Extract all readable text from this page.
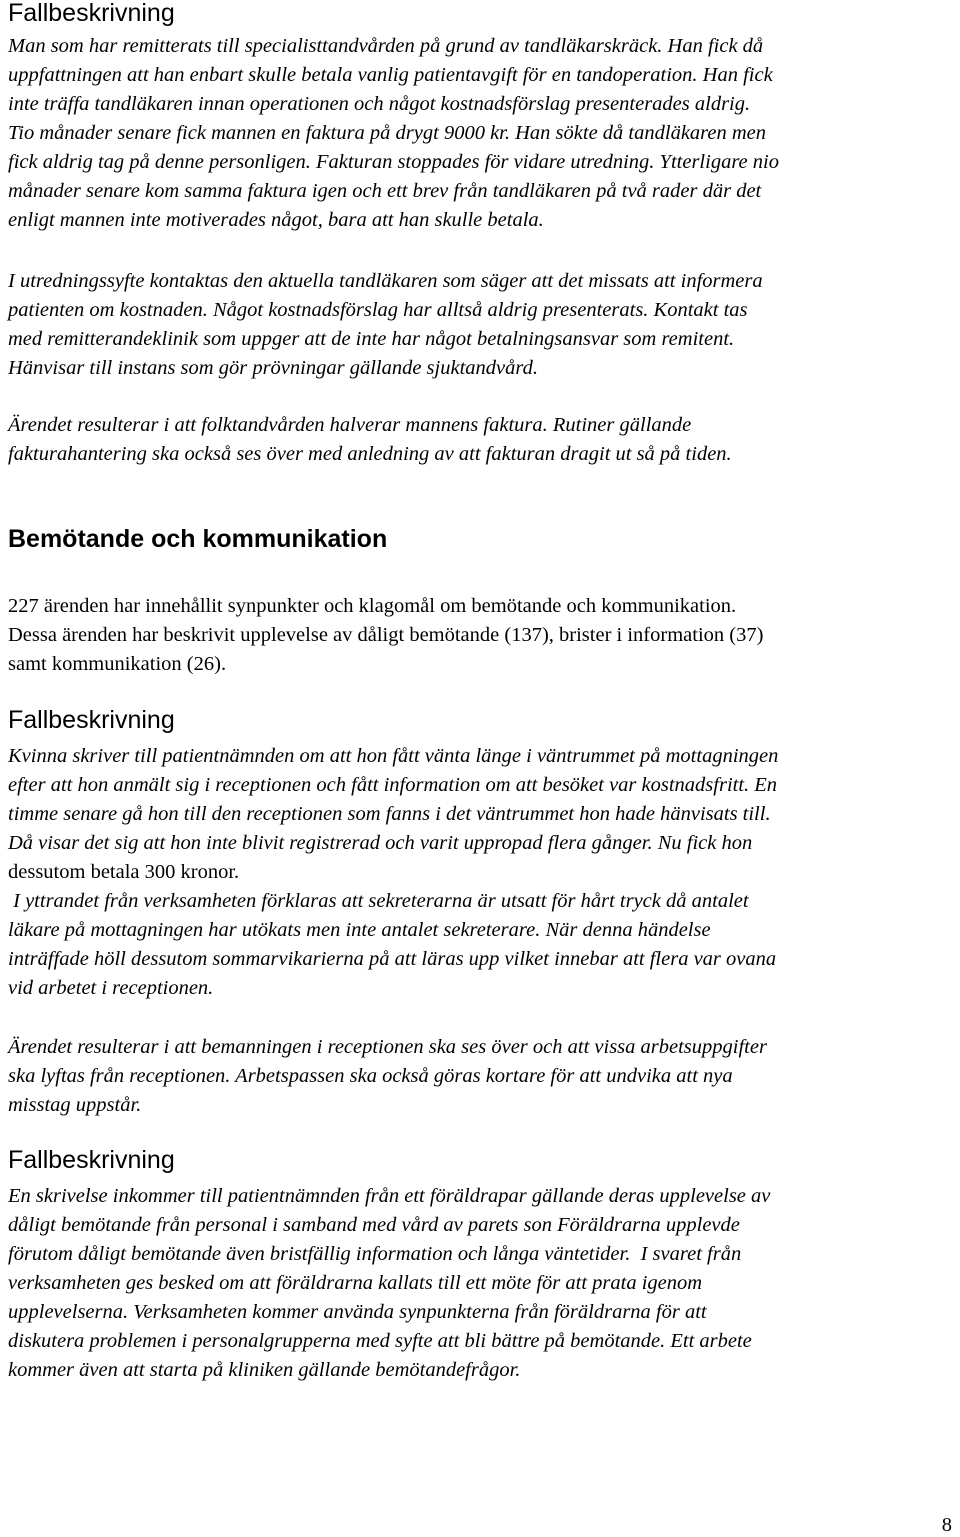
Fallbeskrivning
Man som har remitterats till specialisttandvården på grund av tandläkarskräck. Han fick då
uppfattningen att han enbart skulle betala vanlig patientavgift för en tandoperation. Han fick
inte träffa tandläkaren innan operationen och något kostnadsförslag presenterades aldrig.
Tio månader senare fick mannen en faktura på drygt 9000 kr. Han sökte då tandläkaren men
fick aldrig tag på denne personligen. Fakturan stoppades för vidare utredning. Ytterligare nio
månader senare kom samma faktura igen och ett brev från tandläkaren på två rader där det
enligt mannen inte motiverades något, bara att han skulle betala.
I utredningssyfte kontaktas den aktuella tandläkaren som säger att det missats att informera
patienten om kostnaden. Något kostnadsförslag har alltså aldrig presenterats. Kontakt tas
med remitterandeklinik som uppger att de inte har något betalningsansvar som remitent.
Hänvisar till instans som gör prövningar gällande sjuktandvård.
Ärendet resulterar i att folktandvården halverar mannens faktura. Rutiner gällande
fakturahantering ska också ses över med anledning av att fakturan dragit ut så på tiden.
Bemötande och kommunikation
227 ärenden har innehållit synpunkter och klagomål om bemötande och kommunikation.
Dessa ärenden har beskrivit upplevelse av dåligt bemötande (137), brister i information (37)
samt kommunikation (26).
Fallbeskrivning
Kvinna skriver till patientnämnden om att hon fått vänta länge i väntrummet på mottagningen
efter att hon anmält sig i receptionen och fått information om att besöket var kostnadsfritt. En
timme senare gå hon till den receptionen som fanns i det väntrummet hon hade hänvisats till.
Då visar det sig att hon inte blivit registrerad och varit uppropad flera gånger. Nu fick hon
dessutom betala 300 kronor.
I yttrandet från verksamheten förklaras att sekreterarna är utsatt för hårt tryck då antalet
läkare på mottagningen har utökats men inte antalet sekreterare. När denna händelse
inträffade höll dessutom sommarvikarierna på att läras upp vilket innebar att flera var ovana
vid arbetet i receptionen.
Ärendet resulterar i att bemanningen i receptionen ska ses över och att vissa arbetsuppgifter
ska lyftas från receptionen. Arbetspassen ska också göras kortare för att undvika att nya
misstag uppstår.
Fallbeskrivning
En skrivelse inkommer till patientnämnden från ett föräldrapar gällande deras upplevelse av
dåligt bemötande från personal i samband med vård av parets son Föräldrarna upplevde
förutom dåligt bemötande även bristfällig information och långa väntetider.  I svaret från
verksamheten ges besked om att föräldrarna kallats till ett möte för att prata igenom
upplevelserna. Verksamheten kommer använda synpunkterna från föräldrarna för att
diskutera problemen i personalgrupperna med syfte att bli bättre på bemötande. Ett arbete
kommer även att starta på kliniken gällande bemötandefrågor.
8
